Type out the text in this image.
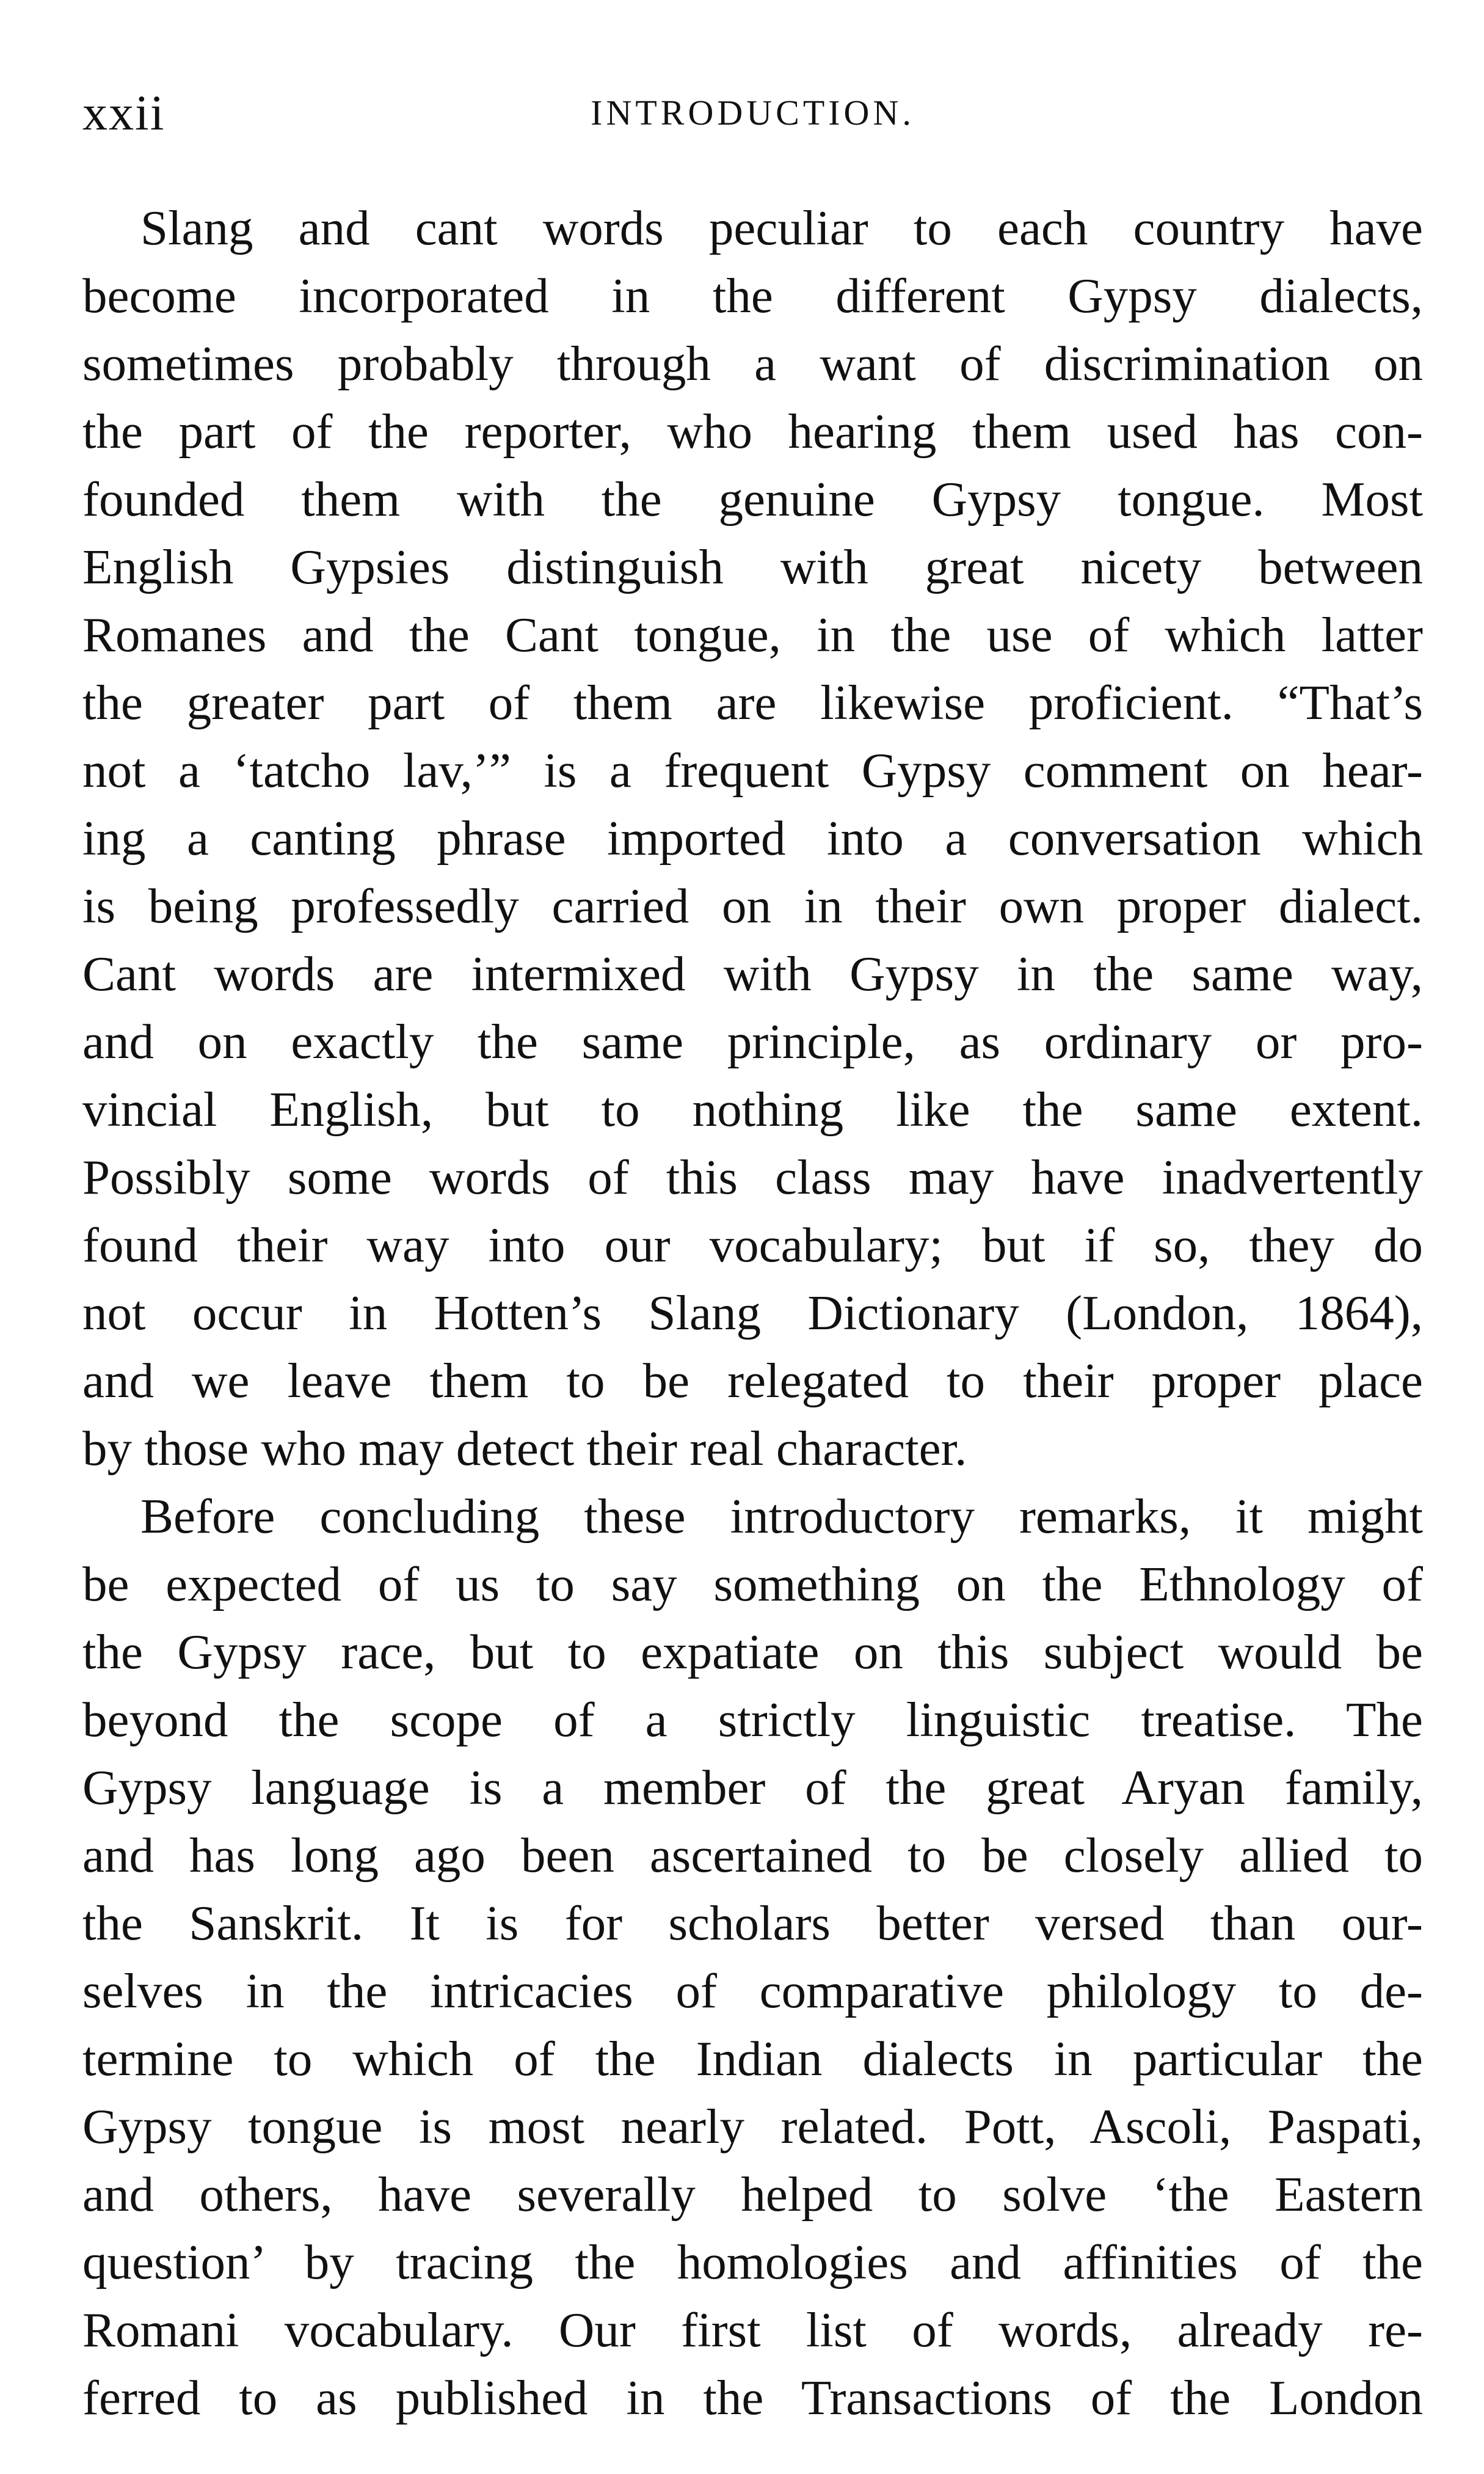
xxii	INTRODUCTION.
Slang and cant words peculiar to each country have
become incorporated in the different Gypsy dialects,
sometimes probably through a want of discrimination on
the part of the reporter, who hearing them used has con-
founded them with the genuine Gypsy tongue. Most
English Gypsies distinguish with great nicety between
Romanes and the Cant tongue, in the use of which latter
the greater part of them are likewise proficient. “That’s
not a ‘tatcho lav,’” is a frequent Gypsy comment on hear-
ing a canting phrase imported into a conversation which
is being professedly carried on in their own proper dialect.
Cant words are intermixed with Gypsy in the same way,
and on exactly the same principle, as ordinary or pro-
vincial English, but to nothing like the same extent.
Possibly some words of this class may have inadvertently
found their way into our vocabulary; but if so, they do
not occur in Hotten’s Slang Dictionary (London, 1864),
and we leave them to be relegated to their proper place
by those who may detect their real character.
Before concluding these introductory remarks, it might
be expected of us to say something on the Ethnology of
the Gypsy race, but to expatiate on this subject would be
beyond the scope of a strictly linguistic treatise. The
Gypsy language is a member of the great Aryan family,
and has long ago been ascertained to be closely allied to
the Sanskrit. It is for scholars better versed than our-
selves in the intricacies of comparative philology to de-
termine to which of the Indian dialects in particular the
Gypsy tongue is most nearly related. Pott, Ascoli, Paspati,
and others, have severally helped to solve ‘the Eastern
question’ by tracing the homologies and affinities of the
Romani vocabulary. Our first list of words, already re-
ferred to as published in the Transactions of the London
